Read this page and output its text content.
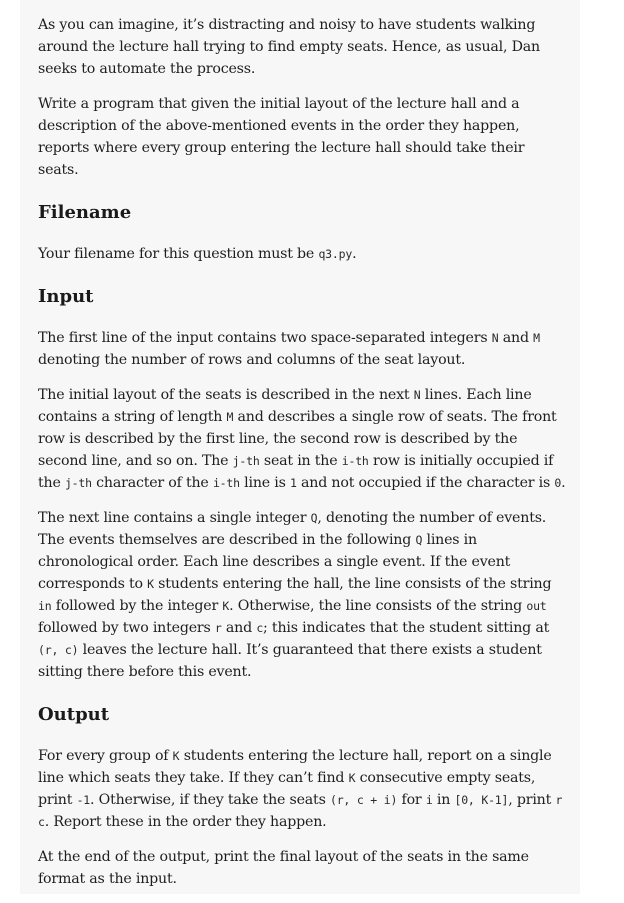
As you can imagine, it’s distracting and noisy to have students walking around the lecture hall trying to find empty seats. Hence, as usual, Dan seeks to automate the process.

Write a program that given the initial layout of the lecture hall and a description of the above-mentioned events in the order they happen, reports where every group entering the lecture hall should take their seats.

Filename

Your filename for this question must be q3.py.

Input

The first line of the input contains two space-separated integers N and M denoting the number of rows and columns of the seat layout.

The initial layout of the seats is described in the next N lines. Each line contains a string of length M and describes a single row of seats. The front row is described by the first line, the second row is described by the second line, and so on. The j-th seat in the i-th row is initially occupied if the j-th character of the i-th line is 1 and not occupied if the character is 0.

The next line contains a single integer Q, denoting the number of events. The events themselves are described in the following Q lines in chronological order. Each line describes a single event. If the event corresponds to K students entering the hall, the line consists of the string in followed by the integer K. Otherwise, the line consists of the string out followed by two integers r and c; this indicates that the student sitting at (r, c) leaves the lecture hall. It’s guaranteed that there exists a student sitting there before this event.

Output

For every group of K students entering the lecture hall, report on a single line which seats they take. If they can’t find K consecutive empty seats, print -1. Otherwise, if they take the seats (r, c + i) for i in [0, K-1], print r c. Report these in the order they happen.

At the end of the output, print the final layout of the seats in the same format as the input.
